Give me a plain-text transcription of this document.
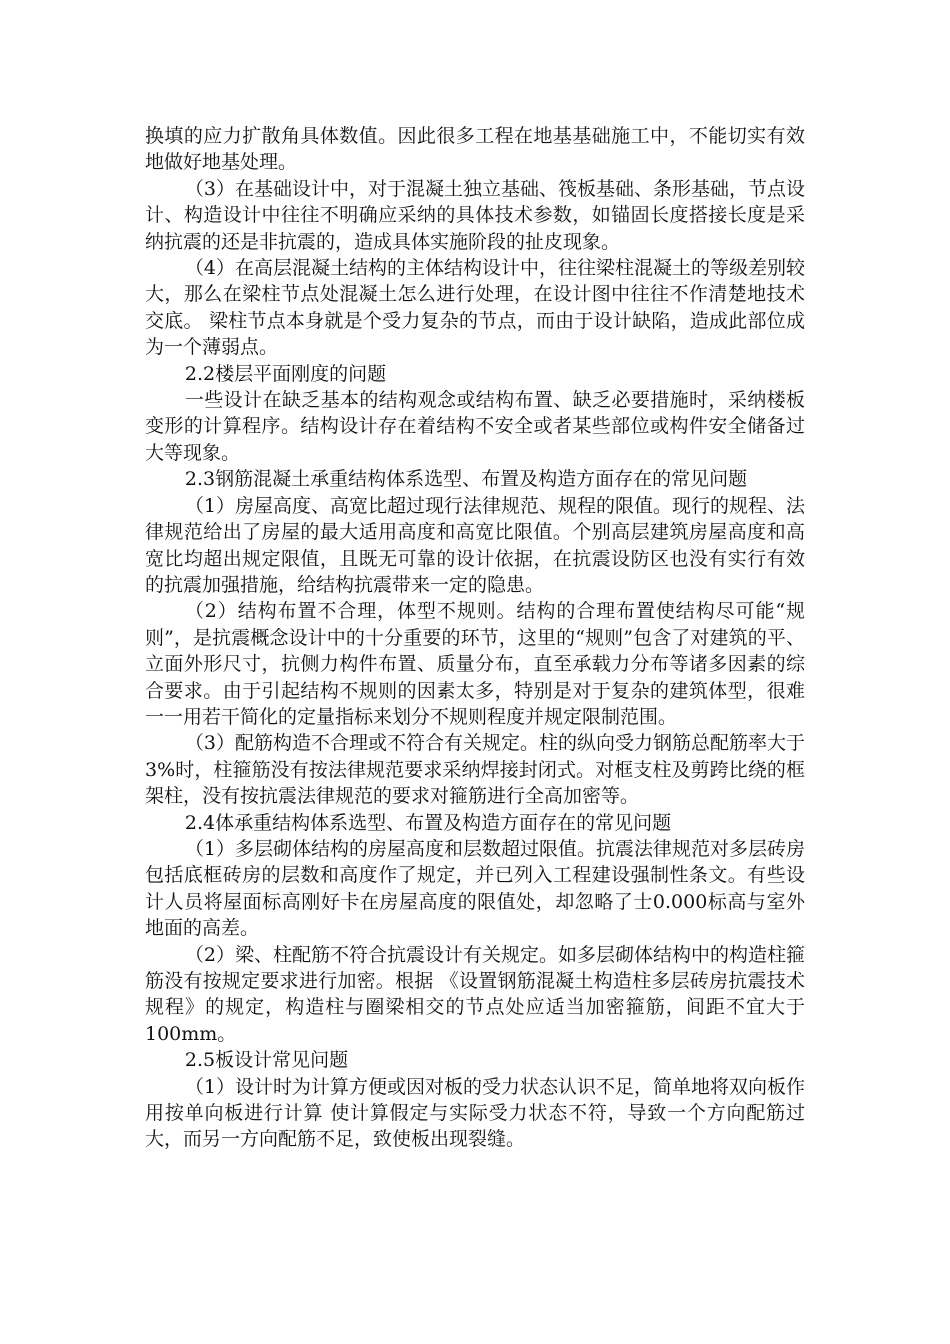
换填的应力扩散角具体数值。因此很多工程在地基基础施工中，不能切实有效地做好地基处理。

（3）在基础设计中，对于混凝土独立基础、筏板基础、条形基础，节点设计、构造设计中往往不明确应采纳的具体技术参数，如锚固长度搭接长度是采纳抗震的还是非抗震的，造成具体实施阶段的扯皮现象。

（4）在高层混凝土结构的主体结构设计中，往往梁柱混凝土的等级差别较大，那么在梁柱节点处混凝土怎么进行处理，在设计图中往往不作清楚地技术交底。 梁柱节点本身就是个受力复杂的节点，而由于设计缺陷，造成此部位成为一个薄弱点。

2.2楼层平面刚度的问题

一些设计在缺乏基本的结构观念或结构布置、缺乏必要措施时，采纳楼板变形的计算程序。结构设计存在着结构不安全或者某些部位或构件安全储备过大等现象。

2.3钢筋混凝土承重结构体系选型、布置及构造方面存在的常见问题

（1）房屋高度、高宽比超过现行法律规范、规程的限值。现行的规程、法律规范给出了房屋的最大适用高度和高宽比限值。个别高层建筑房屋高度和高宽比均超出规定限值，且既无可靠的设计依据，在抗震设防区也没有实行有效的抗震加强措施，给结构抗震带来一定的隐患。

（2）结构布置不合理，体型不规则。结构的合理布置使结构尽可能“规则”，是抗震概念设计中的十分重要的环节，这里的“规则”包含了对建筑的平、立面外形尺寸，抗侧力构件布置、质量分布，直至承载力分布等诸多因素的综合要求。由于引起结构不规则的因素太多，特别是对于复杂的建筑体型，很难一一用若干简化的定量指标来划分不规则程度并规定限制范围。

（3）配筋构造不合理或不符合有关规定。柱的纵向受力钢筋总配筋率大于3%时，柱箍筋没有按法律规范要求采纳焊接封闭式。对框支柱及剪跨比绕的框架柱，没有按抗震法律规范的要求对箍筋进行全高加密等。

2.4体承重结构体系选型、布置及构造方面存在的常见问题

（1）多层砌体结构的房屋高度和层数超过限值。抗震法律规范对多层砖房包括底框砖房的层数和高度作了规定，并已列入工程建设强制性条文。有些设计人员将屋面标高刚好卡在房屋高度的限值处，却忽略了士0.000标高与室外地面的高差。

（2）梁、柱配筋不符合抗震设计有关规定。如多层砌体结构中的构造柱箍筋没有按规定要求进行加密。根据 《设置钢筋混凝土构造柱多层砖房抗震技术规程》的规定，构造柱与圈梁相交的节点处应适当加密箍筋，间距不宜大于100mm。

2.5板设计常见问题

（1）设计时为计算方便或因对板的受力状态认识不足，简单地将双向板作用按单向板进行计算 使计算假定与实际受力状态不符，导致一个方向配筋过大，而另一方向配筋不足，致使板出现裂缝。
